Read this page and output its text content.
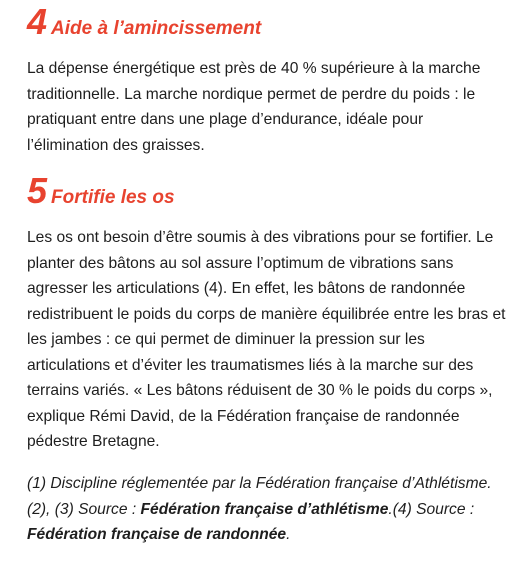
4 Aide à l’amincissement

La dépense énergétique est près de 40 % supérieure à la marche traditionnelle. La marche nordique permet de perdre du poids : le pratiquant entre dans une plage d’endurance, idéale pour l’élimination des graisses.

5 Fortifie les os

Les os ont besoin d’être soumis à des vibrations pour se fortifier. Le planter des bâtons au sol assure l’optimum de vibrations sans agresser les articulations (4). En effet, les bâtons de randonnée redistribuent le poids du corps de manière équilibrée entre les bras et les jambes : ce qui permet de diminuer la pression sur les articulations et d’éviter les traumatismes liés à la marche sur des terrains variés. « Les bâtons réduisent de 30 % le poids du corps », explique Rémi David, de la Fédération française de randonnée pédestre Bretagne.

(1) Discipline réglementée par la Fédération française d’Athlétisme.
(2), (3) Source : Fédération française d’athlétisme.(4) Source :
Fédération française de randonnée.
